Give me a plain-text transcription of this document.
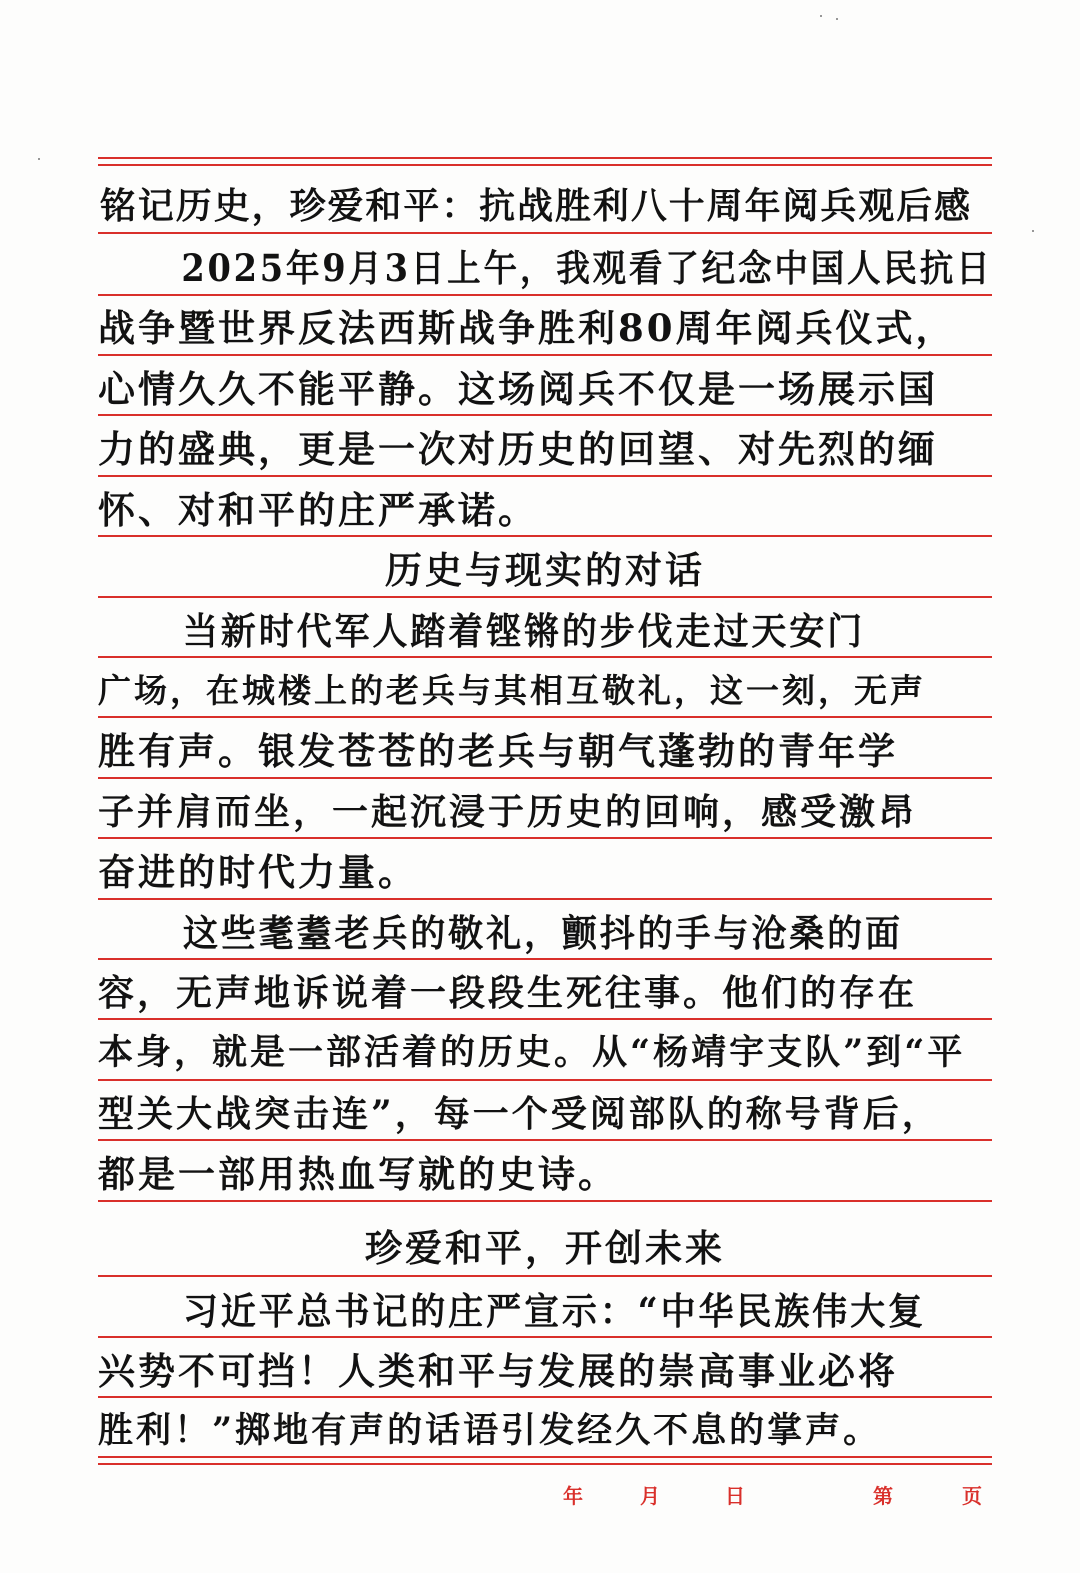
铭记历史，珍爱和平：抗战胜利八十周年阅兵观后感
　2025年9月3日上午，我观看了纪念中国人民抗日
战争暨世界反法西斯战争胜利80周年阅兵仪式，
心情久久不能平静。这场阅兵不仅是一场展示国
力的盛典，更是一次对历史的回望、对先烈的缅
怀、对和平的庄严承诺。
历史与现实的对话
　当新时代军人踏着铿锵的步伐走过天安门
广场，在城楼上的老兵与其相互敬礼，这一刻，无声
胜有声。银发苍苍的老兵与朝气蓬勃的青年学
子并肩而坐，一起沉浸于历史的回响，感受激昂
奋进的时代力量。
　这些耄耋老兵的敬礼，颤抖的手与沧桑的面
容，无声地诉说着一段段生死往事。他们的存在
本身，就是一部活着的历史。从“杨靖宇支队”到“平
型关大战突击连”，每一个受阅部队的称号背后，
都是一部用热血写就的史诗。
珍爱和平，开创未来
　习近平总书记的庄严宣示：“中华民族伟大复
兴势不可挡！人类和平与发展的崇高事业必将
胜利！”掷地有声的话语引发经久不息的掌声。
年	月	日	第	页
